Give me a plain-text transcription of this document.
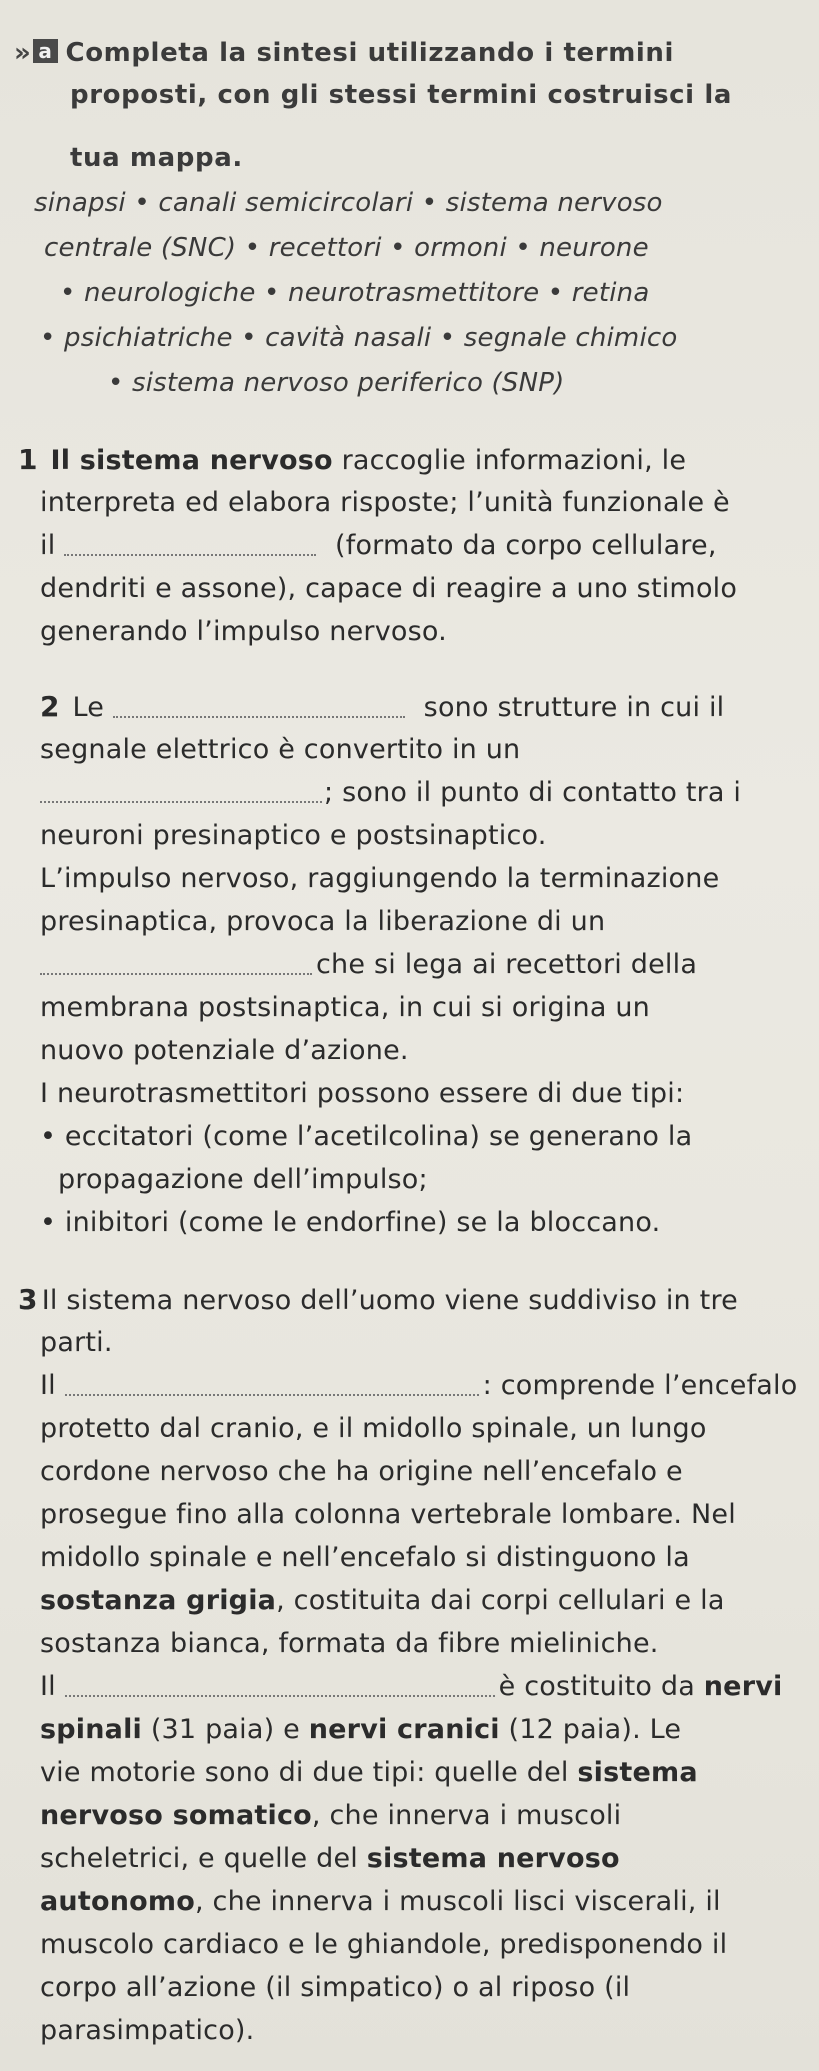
» a Completa la sintesi utilizzando i termini
proposti, con gli stessi termini costruisci la
tua mappa.
sinapsi • canali semicircolari • sistema nervoso
centrale (SNC) • recettori • ormoni • neurone
• neurologiche • neurotrasmettitore • retina
• psichiatriche • cavità nasali • segnale chimico
• sistema nervoso periferico (SNP)
1 Il sistema nervoso raccoglie informazioni, le
interpreta ed elabora risposte; l’unità funzionale è
il	(formato da corpo cellulare,
dendriti e assone), capace di reagire a uno stimolo
generando l’impulso nervoso.
2 Le	sono strutture in cui il
segnale elettrico è convertito in un
; sono il punto di contatto tra i
neuroni presinaptico e postsinaptico.
L’impulso nervoso, raggiungendo la terminazione
presinaptica, provoca la liberazione di un
che si lega ai recettori della
membrana postsinaptica, in cui si origina un
nuovo potenziale d’azione.
I neurotrasmettitori possono essere di due tipi:
• eccitatori (come l’acetilcolina) se generano la
propagazione dell’impulso;
• inibitori (come le endorfine) se la bloccano.
3 Il sistema nervoso dell’uomo viene suddiviso in tre
parti.
Il	: comprende l’encefalo
protetto dal cranio, e il midollo spinale, un lungo
cordone nervoso che ha origine nell’encefalo e
prosegue fino alla colonna vertebrale lombare. Nel
midollo spinale e nell’encefalo si distinguono la
sostanza grigia, costituita dai corpi cellulari e la
sostanza bianca, formata da fibre mieliniche.
Il	è costituito da nervi
spinali (31 paia) e nervi cranici (12 paia). Le
vie motorie sono di due tipi: quelle del sistema
nervoso somatico, che innerva i muscoli
scheletrici, e quelle del sistema nervoso
autonomo, che innerva i muscoli lisci viscerali, il
muscolo cardiaco e le ghiandole, predisponendo il
corpo all’azione (il simpatico) o al riposo (il
parasimpatico).
